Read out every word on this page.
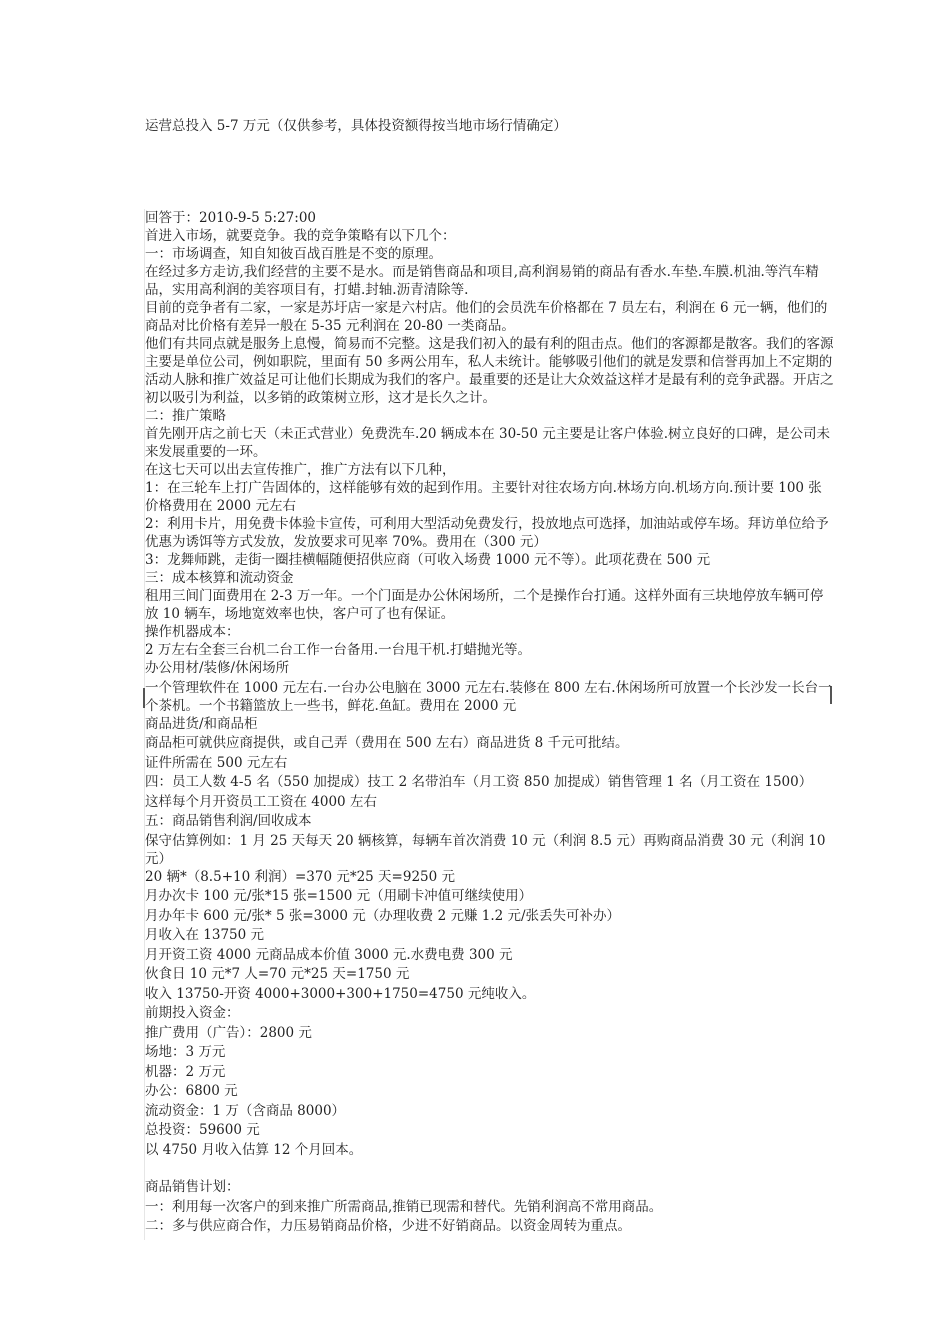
运营总投入 5-7 万元（仅供参考，具体投资额得按当地市场行情确定）
回答于：2010-9-5 5:27:00
首进入市场，就要竞争。我的竞争策略有以下几个：
一：市场调查，知自知彼百战百胜是不变的原理。
在经过多方走访,我们经营的主要不是水。而是销售商品和项目,高利润易销的商品有香水.车垫.车膜.机油.等汽车精品，实用高利润的美容项目有，打蜡.封轴.沥青清除等.
目前的竞争者有二家，一家是苏圩店一家是六村店。他们的会员洗车价格都在 7 员左右，利润在 6 元一辆，他们的商品对比价格有差异一般在 5-35 元利润在 20-80 一类商品。
他们有共同点就是服务上息慢，简易而不完整。这是我们初入的最有利的阻击点。他们的客源都是散客。我们的客源主要是单位公司，例如职院，里面有 50 多两公用车，私人未统计。能够吸引他们的就是发票和信誉再加上不定期的活动人脉和推广效益足可让他们长期成为我们的客户。最重要的还是让大众效益这样才是最有利的竞争武器。开店之初以吸引为利益，以多销的政策树立形，这才是长久之计。
二：推广策略
首先刚开店之前七天（未正式营业）免费洗车.20 辆成本在 30-50 元主要是让客户体验.树立良好的口碑，是公司未来发展重要的一环。
在这七天可以出去宣传推广，推广方法有以下几种，
1：在三轮车上打广告固体的，这样能够有效的起到作用。主要针对往农场方向.林场方向.机场方向.预计要 100 张价格费用在 2000 元左右
2：利用卡片，用免费卡体验卡宣传，可利用大型活动免费发行，投放地点可选择，加油站或停车场。拜访单位给予优惠为诱饵等方式发放，发放要求可见率 70%。费用在（300 元）
3：龙舞师跳，走街一圈挂横幅随便招供应商（可收入场费 1000 元不等）。此项花费在 500 元
三：成本核算和流动资金
租用三间门面费用在 2-3 万一年。一个门面是办公休闲场所，二个是操作台打通。这样外面有三块地停放车辆可停放 10 辆车，场地宽效率也快，客户可了也有保证。
操作机器成本：
2 万左右全套三台机二台工作一台备用.一台甩干机.打蜡抛光等。
办公用材/装修/休闲场所
一个管理软件在 1000 元左右.一台办公电脑在 3000 元左右.装修在 800 左右.休闲场所可放置一个长沙发一长台一个茶机。一个书籍篮放上一些书，鲜花.鱼缸。费用在 2000 元
商品进货/和商品柜
商品柜可就供应商提供，或自己弄（费用在 500 左右）商品进货 8 千元可批结。
证件所需在 500 元左右
四：员工人数 4-5 名（550 加提成）技工 2 名带泊车（月工资 850 加提成）销售管理 1 名（月工资在 1500）
这样每个月开资员工工资在 4000 左右
五：商品销售利润/回收成本
保守估算例如：1 月 25 天每天 20 辆核算，每辆车首次消费 10 元（利润 8.5 元）再购商品消费 30 元（利润 10 元）
20 辆*（8.5+10 利润）=370 元*25 天=9250 元
月办次卡 100 元/张*15 张=1500 元（用刷卡冲值可继续使用）
月办年卡 600 元/张* 5 张=3000 元（办理收费 2 元赚 1.2 元/张丢失可补办）
月收入在 13750 元
月开资工资 4000 元商品成本价值 3000 元.水费电费 300 元
伙食日 10 元*7 人=70 元*25 天=1750 元
收入 13750-开资 4000+3000+300+1750=4750 元纯收入。
前期投入资金：
推广费用（广告）：2800 元
场地：3 万元
机器：2 万元
办公：6800 元
流动资金：1 万（含商品 8000）
总投资：59600 元
以 4750 月收入估算 12 个月回本。
商品销售计划：
一：利用每一次客户的到来推广所需商品,推销已现需和替代。先销利润高不常用商品。
二：多与供应商合作，力压易销商品价格，少进不好销商品。以资金周转为重点。
